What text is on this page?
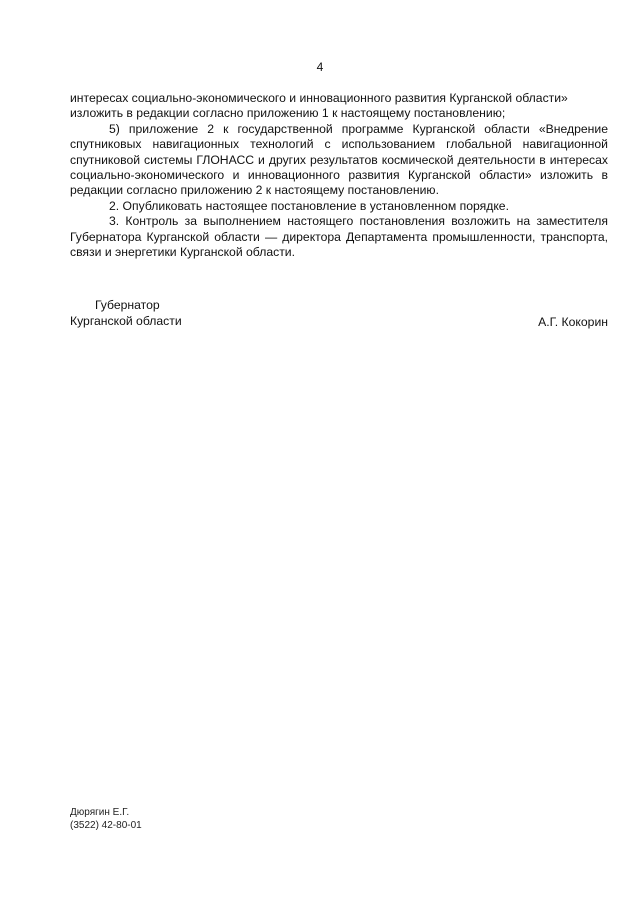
4

интересах социально-экономического и инновационного развития Курганской области» изложить в редакции согласно приложению 1 к настоящему постановлению;

5) приложение 2 к государственной программе Курганской области «Внедрение спутниковых навигационных технологий с использованием глобальной навигационной спутниковой системы ГЛОНАСС и других результатов космической деятельности в интересах социально-экономического и инновационного развития Курганской области» изложить в редакции согласно приложению 2 к настоящему постановлению.

2. Опубликовать настоящее постановление в установленном порядке.

3. Контроль за выполнением настоящего постановления возложить на заместителя Губернатора Курганской области — директора Департамента промышленности, транспорта, связи и энергетики Курганской области.

Губернатор
Курганской области	А.Г. Кокорин
Дюрягин Е.Г.
(3522) 42-80-01
